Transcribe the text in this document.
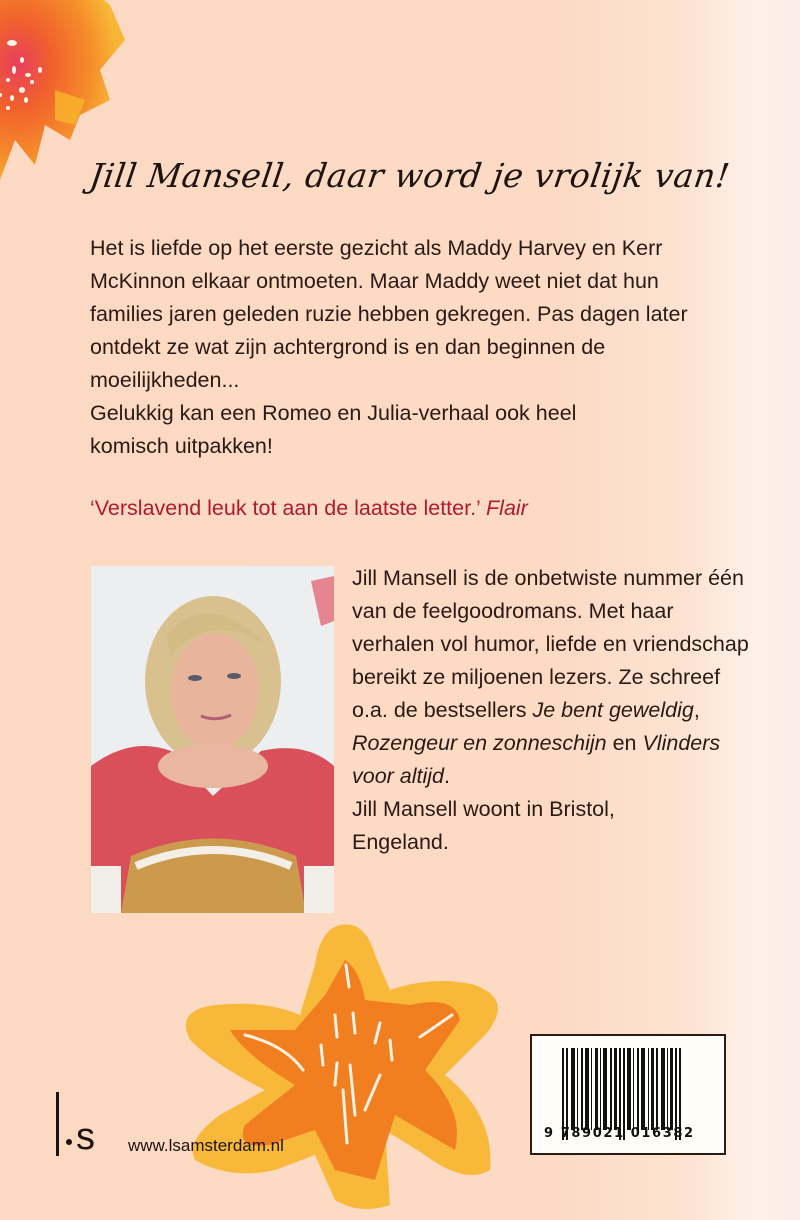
Jill Mansell, daar word je vrolijk van!

Het is liefde op het eerste gezicht als Maddy Harvey en Kerr McKinnon elkaar ontmoeten. Maar Maddy weet niet dat hun families jaren geleden ruzie hebben gekregen. Pas dagen later ontdekt ze wat zijn achtergrond is en dan beginnen de moeilijkheden...

Gelukkig kan een Romeo en Julia-verhaal ook heel komisch uitpakken!

‘Verslavend leuk tot aan de laatste letter.’ Flair

Jill Mansell is de onbetwiste nummer één van de feelgoodromans. Met haar verhalen vol humor, liefde en vriendschap bereikt ze miljoenen lezers. Ze schreef o.a. de bestsellers Je bent geweldig, Rozengeur en zonneschijn en Vlinders voor altijd.

Jill Mansell woont in Bristol, Engeland.

s www.lsamsterdam.nl
9 789021 016382
